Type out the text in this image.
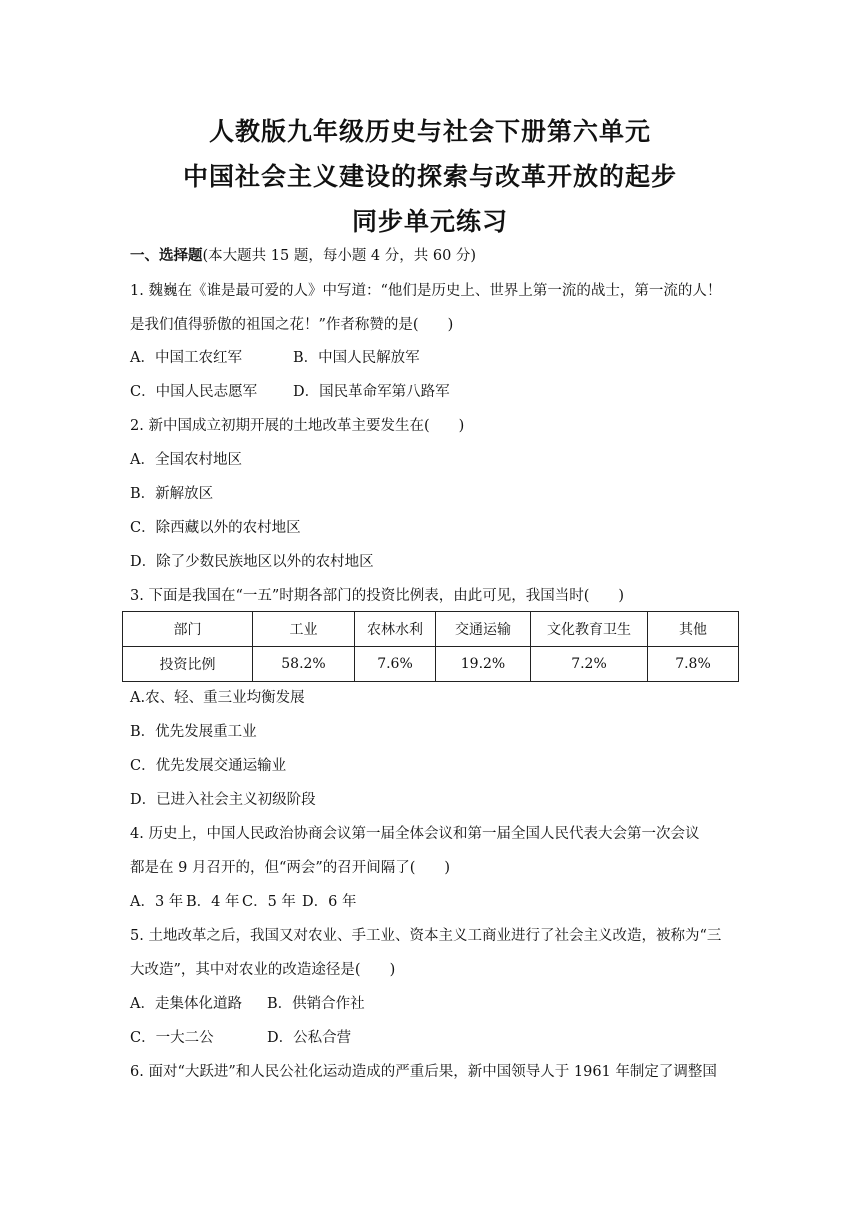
人教版九年级历史与社会下册第六单元
中国社会主义建设的探索与改革开放的起步
同步单元练习
一、选择题(本大题共 15 题，每小题 4 分，共 60 分)
1. 魏巍在《谁是最可爱的人》中写道：“他们是历史上、世界上第一流的战士，第一流的人！
是我们值得骄傲的祖国之花！”作者称赞的是(　　)
A．中国工农红军	B．中国人民解放军
C．中国人民志愿军 D．国民革命军第八路军
2. 新中国成立初期开展的土地改革主要发生在(　　)
A．全国农村地区
B．新解放区
C．除西藏以外的农村地区
D．除了少数民族地区以外的农村地区
3. 下面是我国在“一五”时期各部门的投资比例表，由此可见，我国当时(　　)
部门	工业	农林水利	交通运输	文化教育卫生	其他
投资比例	58.2%	7.6%	19.2%	7.2%	7.8%
A.农、轻、重三业均衡发展
B．优先发展重工业
C．优先发展交通运输业
D．已进入社会主义初级阶段
4. 历史上，中国人民政治协商会议第一届全体会议和第一届全国人民代表大会第一次会议
都是在 9 月召开的，但“两会”的召开间隔了(　　)
A．3 年 B．4 年 C．5 年 D．6 年
5. 土地改革之后，我国又对农业、手工业、资本主义工商业进行了社会主义改造，被称为“三
大改造”，其中对农业的改造途径是(　　)
A．走集体化道路 B．供销合作社
C．一大二公	D．公私合营
6. 面对“大跃进”和人民公社化运动造成的严重后果，新中国领导人于 1961 年制定了调整国
